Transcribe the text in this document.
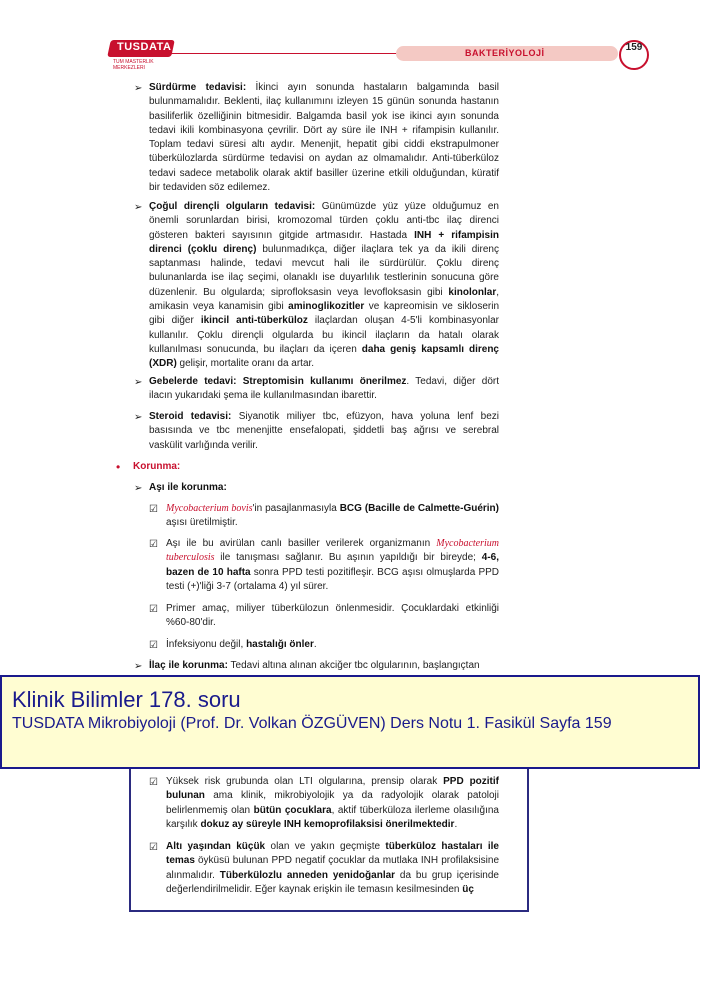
TUSDATA
TUM MASTERLIK MERKEZLERI
BAKTERİYOLOJİ	159
➢ Sürdürme tedavisi: İkinci ayın sonunda hastaların balgamında basil bulunmamalıdır. Beklenti, ilaç kullanımını izleyen 15 günün sonunda hastanın basiliferlik özelliğinin bitmesidir. Balgamda basil yok ise ikinci ayın sonunda tedavi ikili kombinasyona çevrilir. Dört ay süre ile INH + rifampisin kullanılır. Toplam tedavi süresi altı aydır. Menenjit, hepatit gibi ciddi ekstrapulmoner tüberkülozlarda sürdürme tedavisi on aydan az olmamalıdır. Anti-tüberküloz tedavi sadece metabolik olarak aktif basiller üzerine etkili olduğundan, küratif bir tedaviden söz edilemez.
➢ Çoğul dirençli olguların tedavisi: Günümüzde yüz yüze olduğumuz en önemli sorunlardan birisi, kromozomal türden çoklu anti-tbc ilaç direnci gösteren bakteri sayısının gitgide artmasıdır. Hastada INH + rifampisin direnci (çoklu direnç) bulunmadıkça, diğer ilaçlara tek ya da ikili direnç saptanması halinde, tedavi mevcut hali ile sürdürülür. Çoklu direnç bulunanlarda ise ilaç seçimi, olanaklı ise duyarlılık testlerinin sonucuna göre düzenlenir. Bu olgularda; siprofloksasin veya levofloksasin gibi kinolonlar, amikasin veya kanamisin gibi aminoglikozitler ve kapreomisin ve sikloserin gibi diğer ikincil anti-tüberküloz ilaçlardan oluşan 4-5'li kombinasyonlar kullanılır. Çoklu dirençli olgularda bu ikincil ilaçların da hatalı olarak kullanılması sonucunda, bu ilaçları da içeren daha geniş kapsamlı direnç (XDR) gelişir, mortalite oranı da artar.
➢ Gebelerde tedavi: Streptomisin kullanımı önerilmez. Tedavi, diğer dört ilacın yukarıdaki şema ile kullanılmasından ibarettir.
➢ Steroid tedavisi: Siyanotik miliyer tbc, efüzyon, hava yoluna lenf bezi basısında ve tbc menenjitte ensefalopati, şiddetli baş ağrısı ve serebral vaskülit varlığında verilir.
• Korunma:
➢ Aşı ile korunma:
☑ Mycobacterium bovis'in pasajlanmasıyla BCG (Bacille de Calmette-Guérin) aşısı üretilmiştir.
☑ Aşı ile bu avirülan canlı basiller verilerek organizmanın Mycobacterium tuberculosis ile tanışması sağlanır. Bu aşının yapıldığı bir bireyde; 4-6, bazen de 10 hafta sonra PPD testi pozitifleşir. BCG aşısı olmuşlarda PPD testi (+)'liği 3-7 (ortalama 4) yıl sürer.
☑ Primer amaç, miliyer tüberkülozun önlenmesidir. Çocuklardaki etkinliği %60-80'dir.
☑ İnfeksiyonu değil, hastalığı önler.
➢ İlaç ile korunma: Tedavi altına alınan akciğer tbc olgularının, başlangıçtan
☑ Yüksek risk grubunda olan LTI olgularına, prensip olarak PPD pozitif bulunan ama klinik, mikrobiyolojik ya da radyolojik olarak patoloji belirlenmemiş olan bütün çocuklara, aktif tüberküloza ilerleme olasılığına karşılık dokuz ay süreyle INH kemoprofilaksisi önerilmektedir.
☑ Altı yaşından küçük olan ve yakın geçmişte tüberküloz hastaları ile temas öyküsü bulunan PPD negatif çocuklar da mutlaka INH profilaksisine alınmalıdır. Tüberkülozlu anneden yenidoğanlar da bu grup içerisinde değerlendirilmelidir. Eğer kaynak erişkin ile temasın kesilmesinden üç
Klinik Bilimler 178. soru
TUSDATA Mikrobiyoloji (Prof. Dr. Volkan ÖZGÜVEN) Ders Notu 1. Fasikül Sayfa 159
